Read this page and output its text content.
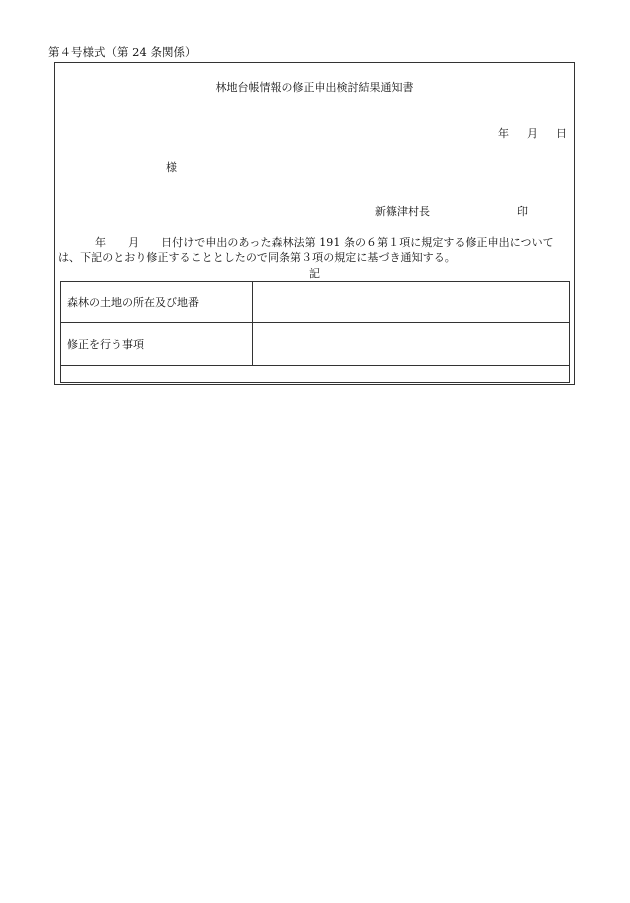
第４号様式（第 24 条関係）
林地台帳情報の修正申出検討結果通知書
年 月 日
様
新篠津村長	印
年 月 日付けで申出のあった森林法第 191 条の６第１項に規定する修正申出については、下記のとおり修正することとしたので同条第３項の規定に基づき通知する。
記
森林の土地の所在及び地番	
修正を行う事項	
